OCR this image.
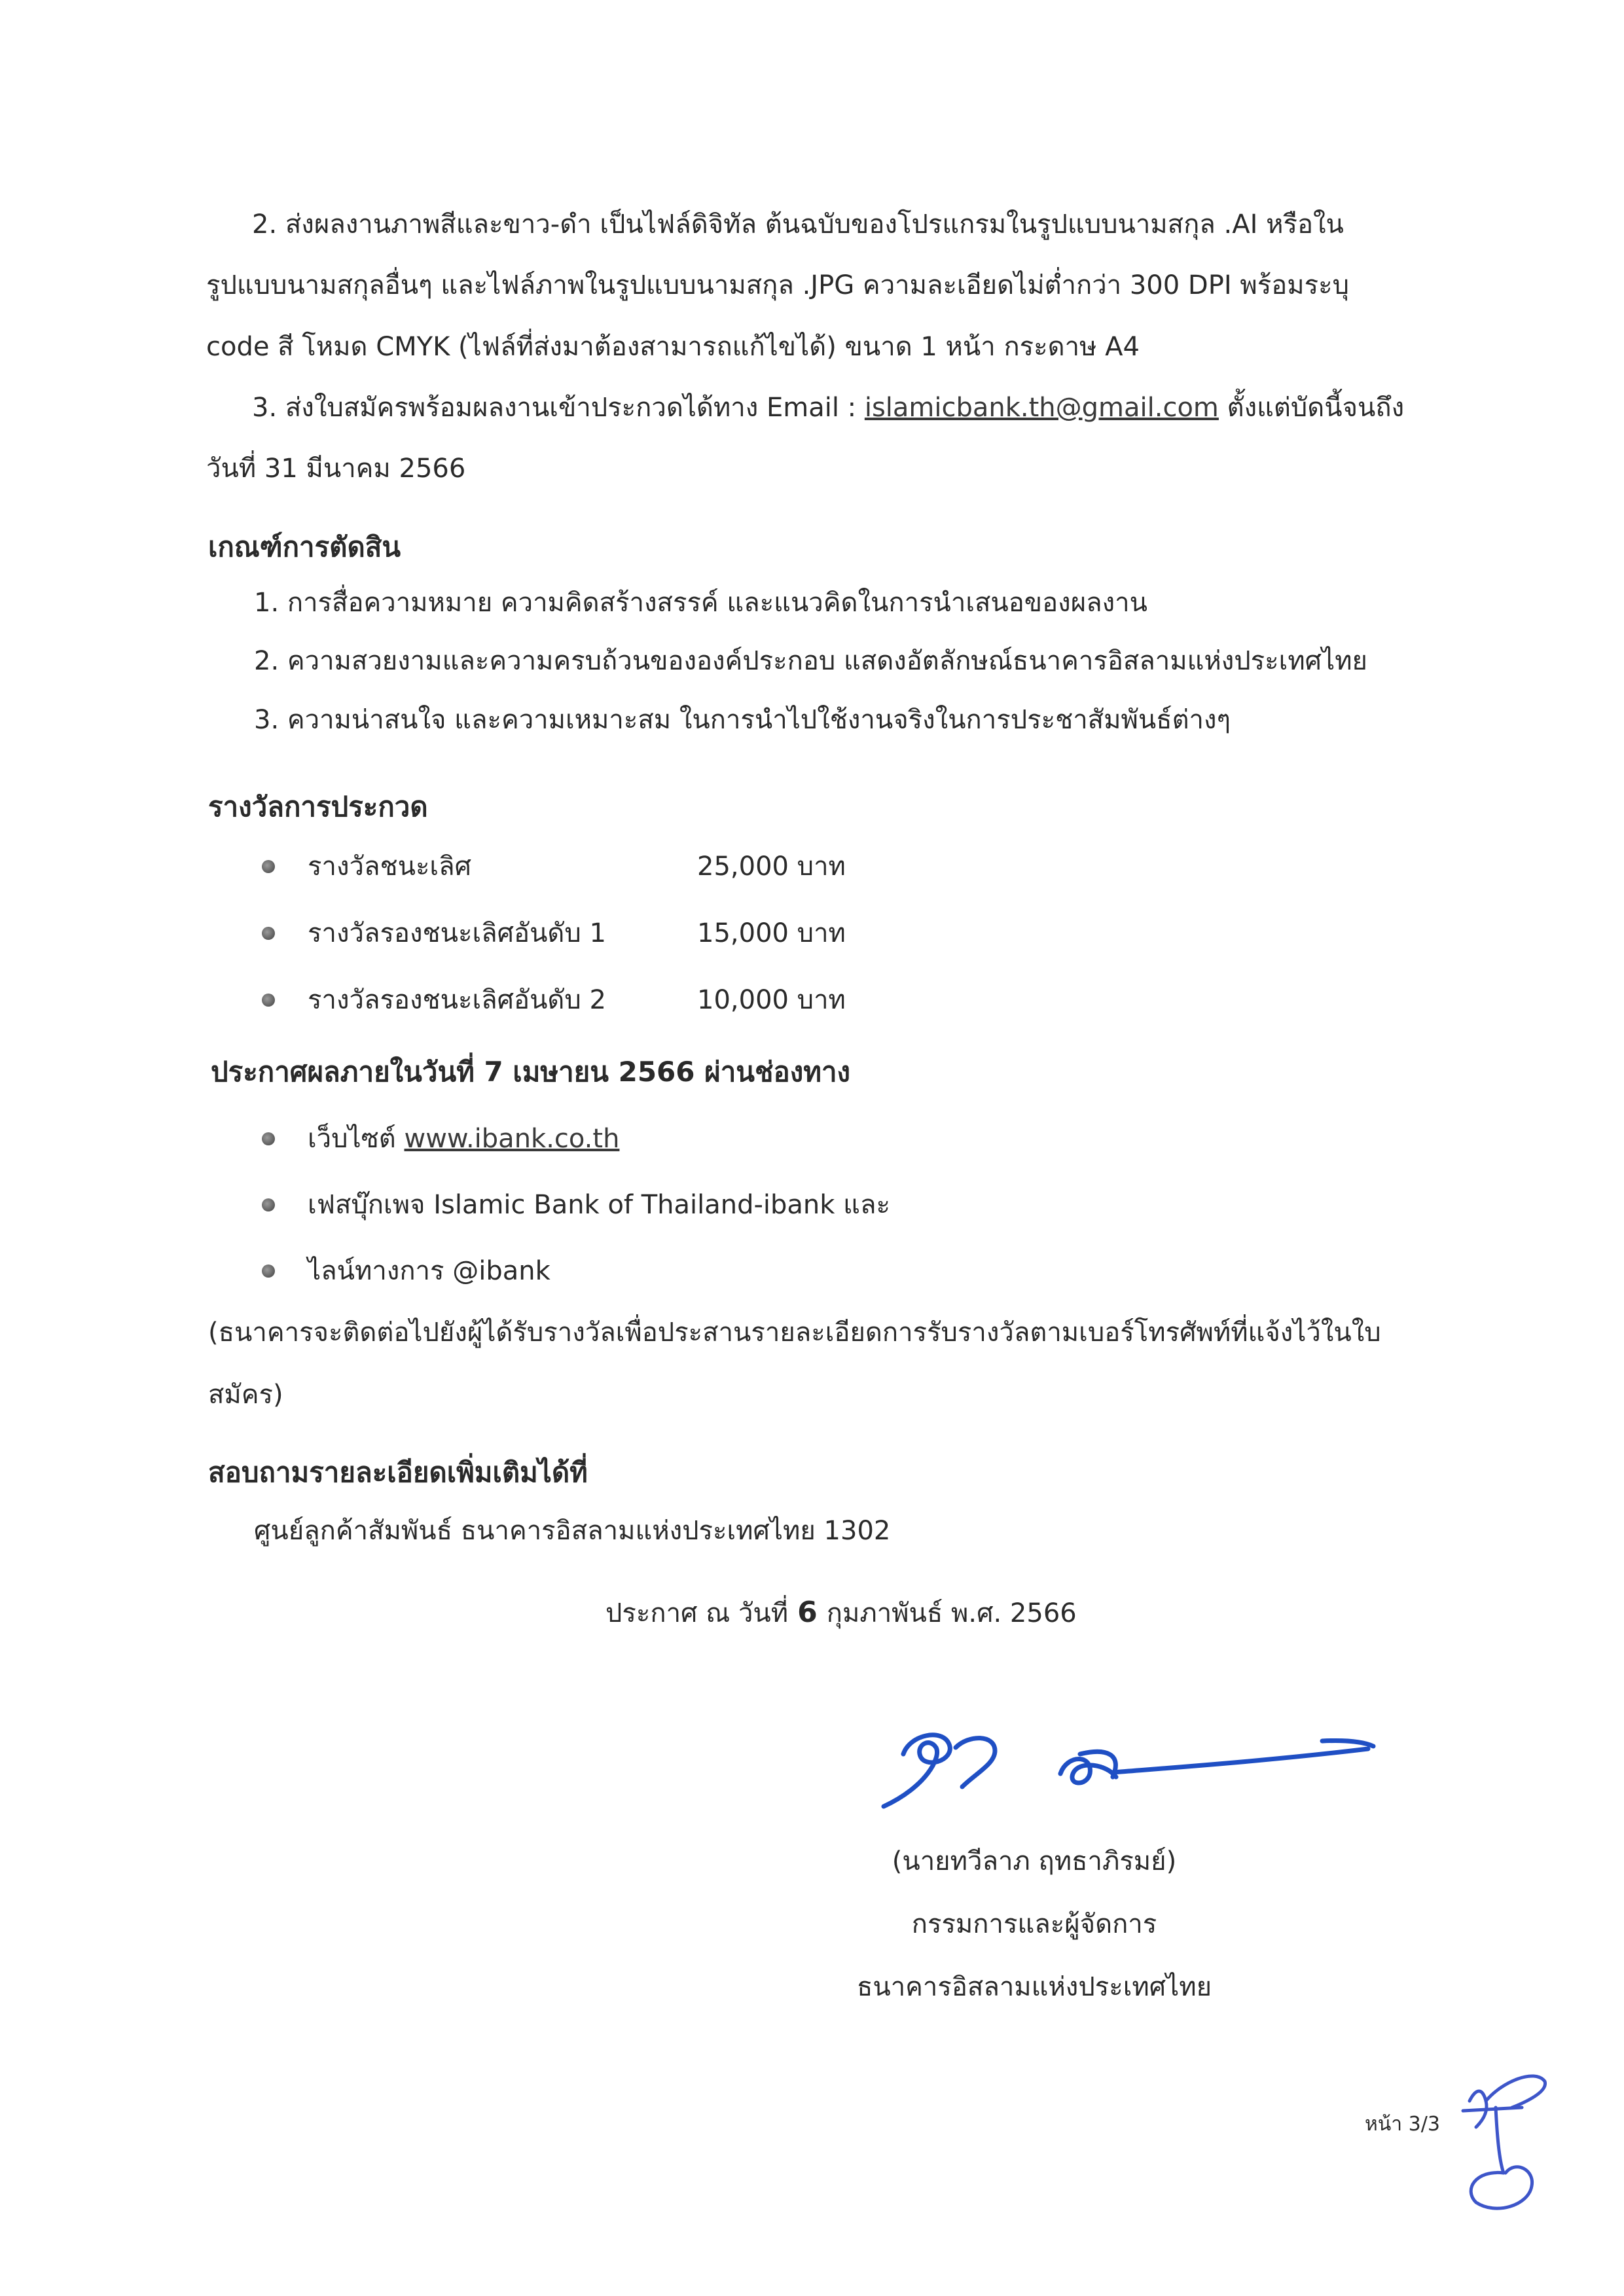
2. ส่งผลงานภาพสีและขาว-ดำ เป็นไฟล์ดิจิทัล ต้นฉบับของโปรแกรมในรูปแบบนามสกุล .AI หรือใน
รูปแบบนามสกุลอื่นๆ และไฟล์ภาพในรูปแบบนามสกุล .JPG ความละเอียดไม่ต่ำกว่า 300 DPI พร้อมระบุ
code สี โหมด CMYK (ไฟล์ที่ส่งมาต้องสามารถแก้ไขได้) ขนาด 1 หน้า กระดาษ A4
3. ส่งใบสมัครพร้อมผลงานเข้าประกวดได้ทาง Email : islamicbank.th@gmail.com ตั้งแต่บัดนี้จนถึง
วันที่ 31 มีนาคม 2566
เกณฑ์การตัดสิน
1. การสื่อความหมาย ความคิดสร้างสรรค์ และแนวคิดในการนำเสนอของผลงาน
2. ความสวยงามและความครบถ้วนขององค์ประกอบ แสดงอัตลักษณ์ธนาคารอิสลามแห่งประเทศไทย
3. ความน่าสนใจ และความเหมาะสม ในการนำไปใช้งานจริงในการประชาสัมพันธ์ต่างๆ
รางวัลการประกวด
รางวัลชนะเลิศ	25,000 บาท
รางวัลรองชนะเลิศอันดับ 1	15,000 บาท
รางวัลรองชนะเลิศอันดับ 2	10,000 บาท
ประกาศผลภายในวันที่ 7 เมษายน 2566 ผ่านช่องทาง
เว็บไซต์ www.ibank.co.th
เฟสบุ๊กเพจ Islamic Bank of Thailand-ibank และ
ไลน์ทางการ @ibank
(ธนาคารจะติดต่อไปยังผู้ได้รับรางวัลเพื่อประสานรายละเอียดการรับรางวัลตามเบอร์โทรศัพท์ที่แจ้งไว้ในใบ
สมัคร)
สอบถามรายละเอียดเพิ่มเติมได้ที่
ศูนย์ลูกค้าสัมพันธ์ ธนาคารอิสลามแห่งประเทศไทย 1302
ประกาศ ณ วันที่ 6 กุมภาพันธ์ พ.ศ. 2566
(นายทวีลาภ ฤทธาภิรมย์)
กรรมการและผู้จัดการ
ธนาคารอิสลามแห่งประเทศไทย
หน้า 3/3
